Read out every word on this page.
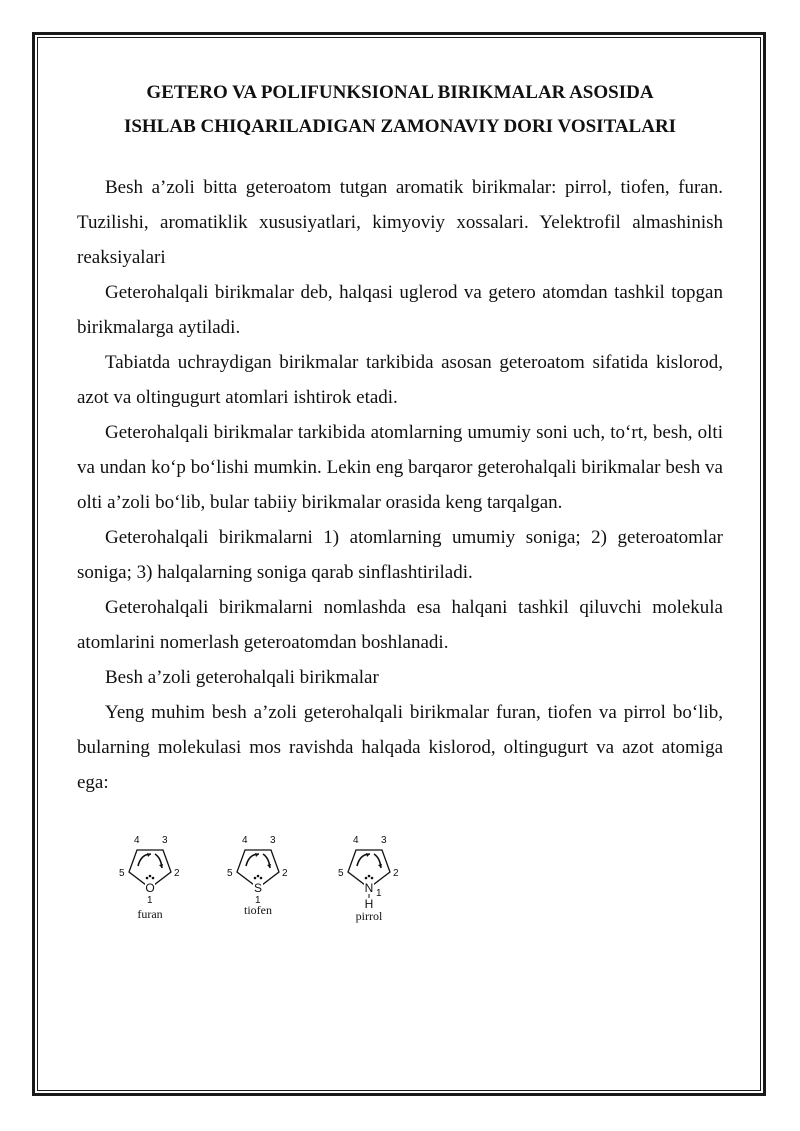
GETERO VA POLIFUNKSIONAL BIRIKMALAR ASOSIDA
ISHLAB CHIQARILADIGAN ZAMONAVIY DORI VOSITALARI

Besh a’zoli bitta geteroatom tutgan aromatik birikmalar: pirrol, tiofen, furan. Tuzilishi, aromatiklik xususiyatlari, kimyoviy xossalari. Yelektrofil almashinish reaksiyalari

Geterohalqali birikmalar deb, halqasi uglerod va getero atomdan tashkil topgan birikmalarga aytiladi.

Tabiatda uchraydigan birikmalar tarkibida asosan geteroatom sifatida kislorod, azot va oltingugurt atomlari ishtirok etadi.

Geterohalqali birikmalar tarkibida atomlarning umumiy soni uch, to‘rt, besh, olti va undan ko‘p bo‘lishi mumkin. Lekin eng barqaror geterohalqali birikmalar besh va olti a’zoli bo‘lib, bular tabiiy birikmalar orasida keng tarqalgan.

Geterohalqali birikmalarni 1) atomlarning umumiy soniga; 2) geteroatomlar soniga; 3) halqalarning soniga qarab sinflashtiriladi.

Geterohalqali birikmalarni nomlashda esa halqani tashkil qiluvchi molekula atomlarini nomerlash geteroatomdan boshlanadi.

Besh a’zoli geterohalqali birikmalar

Yeng muhim besh a’zoli geterohalqali birikmalar furan, tiofen va pirrol bo‘lib, bularning molekulasi mos ravishda halqada kislorod, oltingugurt va azot atomiga ega:

O
4 3
2
5
1
furan
S
4 3
2
5
1
tiofen
N 1
4 3
2
5
H
pirrol
